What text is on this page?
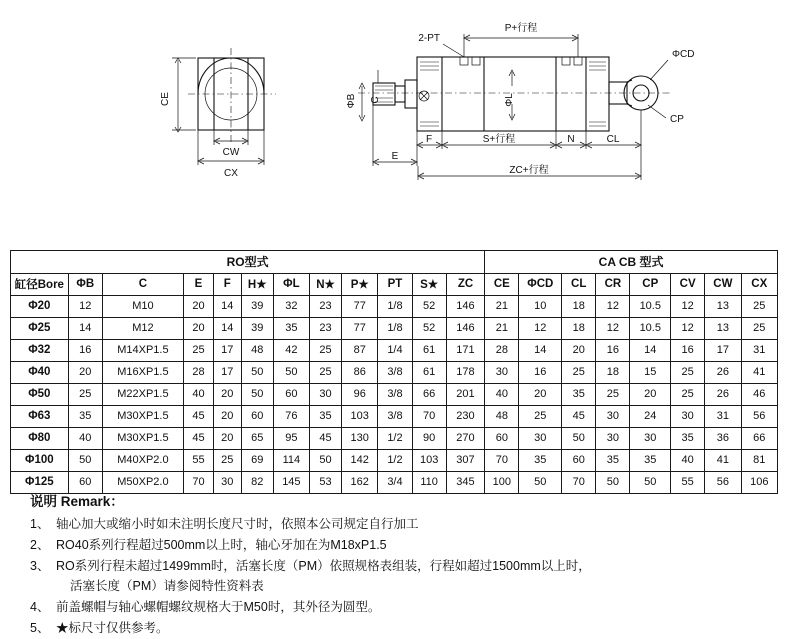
CE
CW
CX
ΦB C	ΦL
2-PT
P+行程
ΦCD
CP
F	S+行程	N	CL
E
ZC+行程
RO型式												CA CB 型式							
缸径Bore	ΦB	C	E	F	H★	ΦL	N★	P★	PT	S★	ZC	CE	ΦCD	CL	CR	CP	CV	CW	CX
Φ20	12	M10	20	14	39	32	23	77	1/8	52	146	21	10	18	12	10.5	12	13	25
Φ25	14	M12	20	14	39	35	23	77	1/8	52	146	21	12	18	12	10.5	12	13	25
Φ32	16	M14XP1.5	25	17	48	42	25	87	1/4	61	171	28	14	20	16	14	16	17	31
Φ40	20	M16XP1.5	28	17	50	50	25	86	3/8	61	178	30	16	25	18	15	25	26	41
Φ50	25	M22XP1.5	40	20	50	60	30	96	3/8	66	201	40	20	35	25	20	25	26	46
Φ63	35	M30XP1.5	45	20	60	76	35	103	3/8	70	230	48	25	45	30	24	30	31	56
Φ80	40	M30XP1.5	45	20	65	95	45	130	1/2	90	270	60	30	50	30	30	35	36	66
Φ100	50	M40XP2.0	55	25	69	114	50	142	1/2	103	307	70	35	60	35	35	40	41	81
Φ125	60	M50XP2.0	70	30	82	145	53	162	3/4	110	345	100	50	70	50	50	55	56	106
说明 Remark：
1、 轴心加大或缩小时如未注明长度尺寸时，依照本公司规定自行加工
2、 RO40系列行程超过500mm以上时，轴心牙加在为M18xP1.5
3、 RO系列行程未超过1499mm时，活塞长度（PM）依照规格表组装，行程如超过1500mm以上时，
活塞长度（PM）请参阅特性资料表
4、 前盖螺帽与轴心螺帽螺纹规格大于M50时，其外径为圆型。
5、 ★标尺寸仅供参考。
